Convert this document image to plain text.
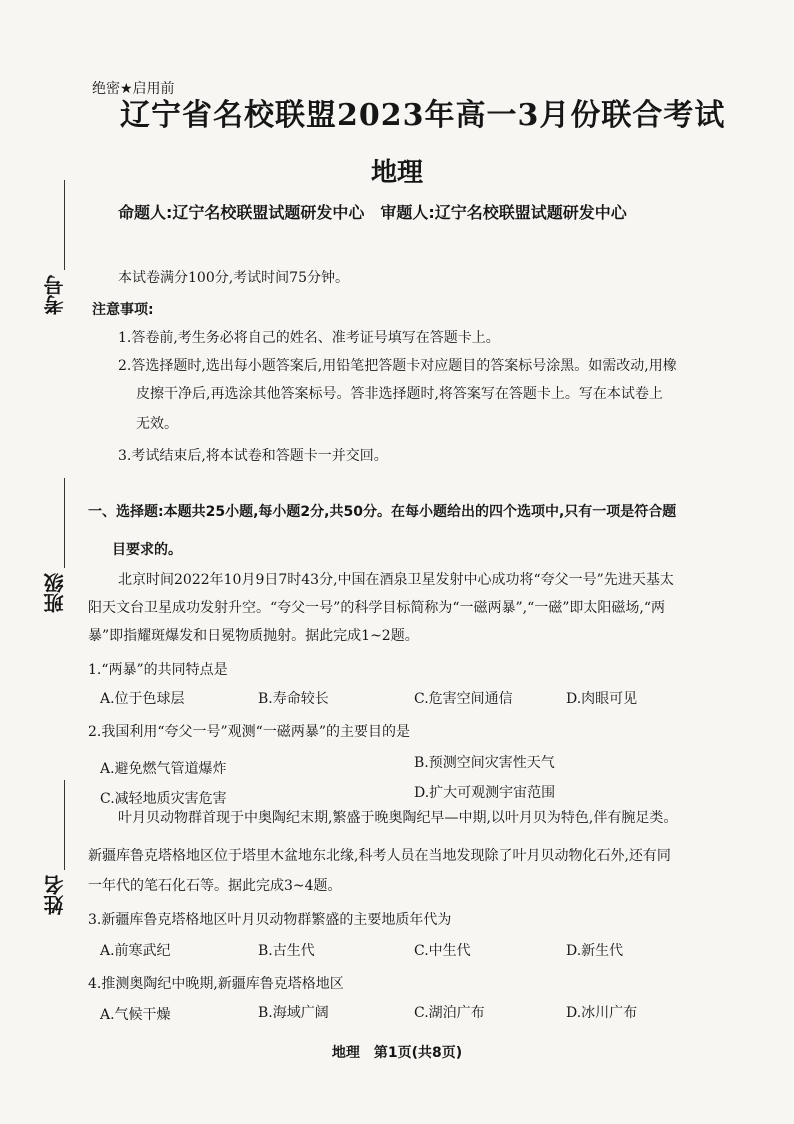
考号
班级
姓名
绝密★启用前
辽宁省名校联盟2023年高一3月份联合考试
地理
命题人:辽宁名校联盟试题研发中心　审题人:辽宁名校联盟试题研发中心
本试卷满分100分,考试时间75分钟。
注意事项:
1.答卷前,考生务必将自己的姓名、准考证号填写在答题卡上。
2.答选择题时,选出每小题答案后,用铅笔把答题卡对应题目的答案标号涂黑。如需改动,用橡
皮擦干净后,再选涂其他答案标号。答非选择题时,将答案写在答题卡上。写在本试卷上
无效。
3.考试结束后,将本试卷和答题卡一并交回。
一、选择题:本题共25小题,每小题2分,共50分。在每小题给出的四个选项中,只有一项是符合题
目要求的。
北京时间2022年10月9日7时43分,中国在酒泉卫星发射中心成功将“夸父一号”先进天基太
阳天文台卫星成功发射升空。“夸父一号”的科学目标简称为“一磁两暴”,“一磁”即太阳磁场,“两
暴”即指耀斑爆发和日冕物质抛射。据此完成1~2题。
1.“两暴”的共同特点是
A.位于色球层	B.寿命较长	C.危害空间通信	D.肉眼可见
2.我国利用“夸父一号”观测“一磁两暴”的主要目的是
A.避免燃气管道爆炸	B.预测空间灾害性天气
C.减轻地质灾害危害	D.扩大可观测宇宙范围
叶月贝动物群首现于中奥陶纪末期,繁盛于晚奥陶纪早—中期,以叶月贝为特色,伴有腕足类。
新疆库鲁克塔格地区位于塔里木盆地东北缘,科考人员在当地发现除了叶月贝动物化石外,还有同
一年代的笔石化石等。据此完成3~4题。
3.新疆库鲁克塔格地区叶月贝动物群繁盛的主要地质年代为
A.前寒武纪	B.古生代	C.中生代	D.新生代
4.推测奥陶纪中晚期,新疆库鲁克塔格地区
A.气候干燥	B.海域广阔	C.湖泊广布	D.冰川广布
地理　第1页(共8页)
